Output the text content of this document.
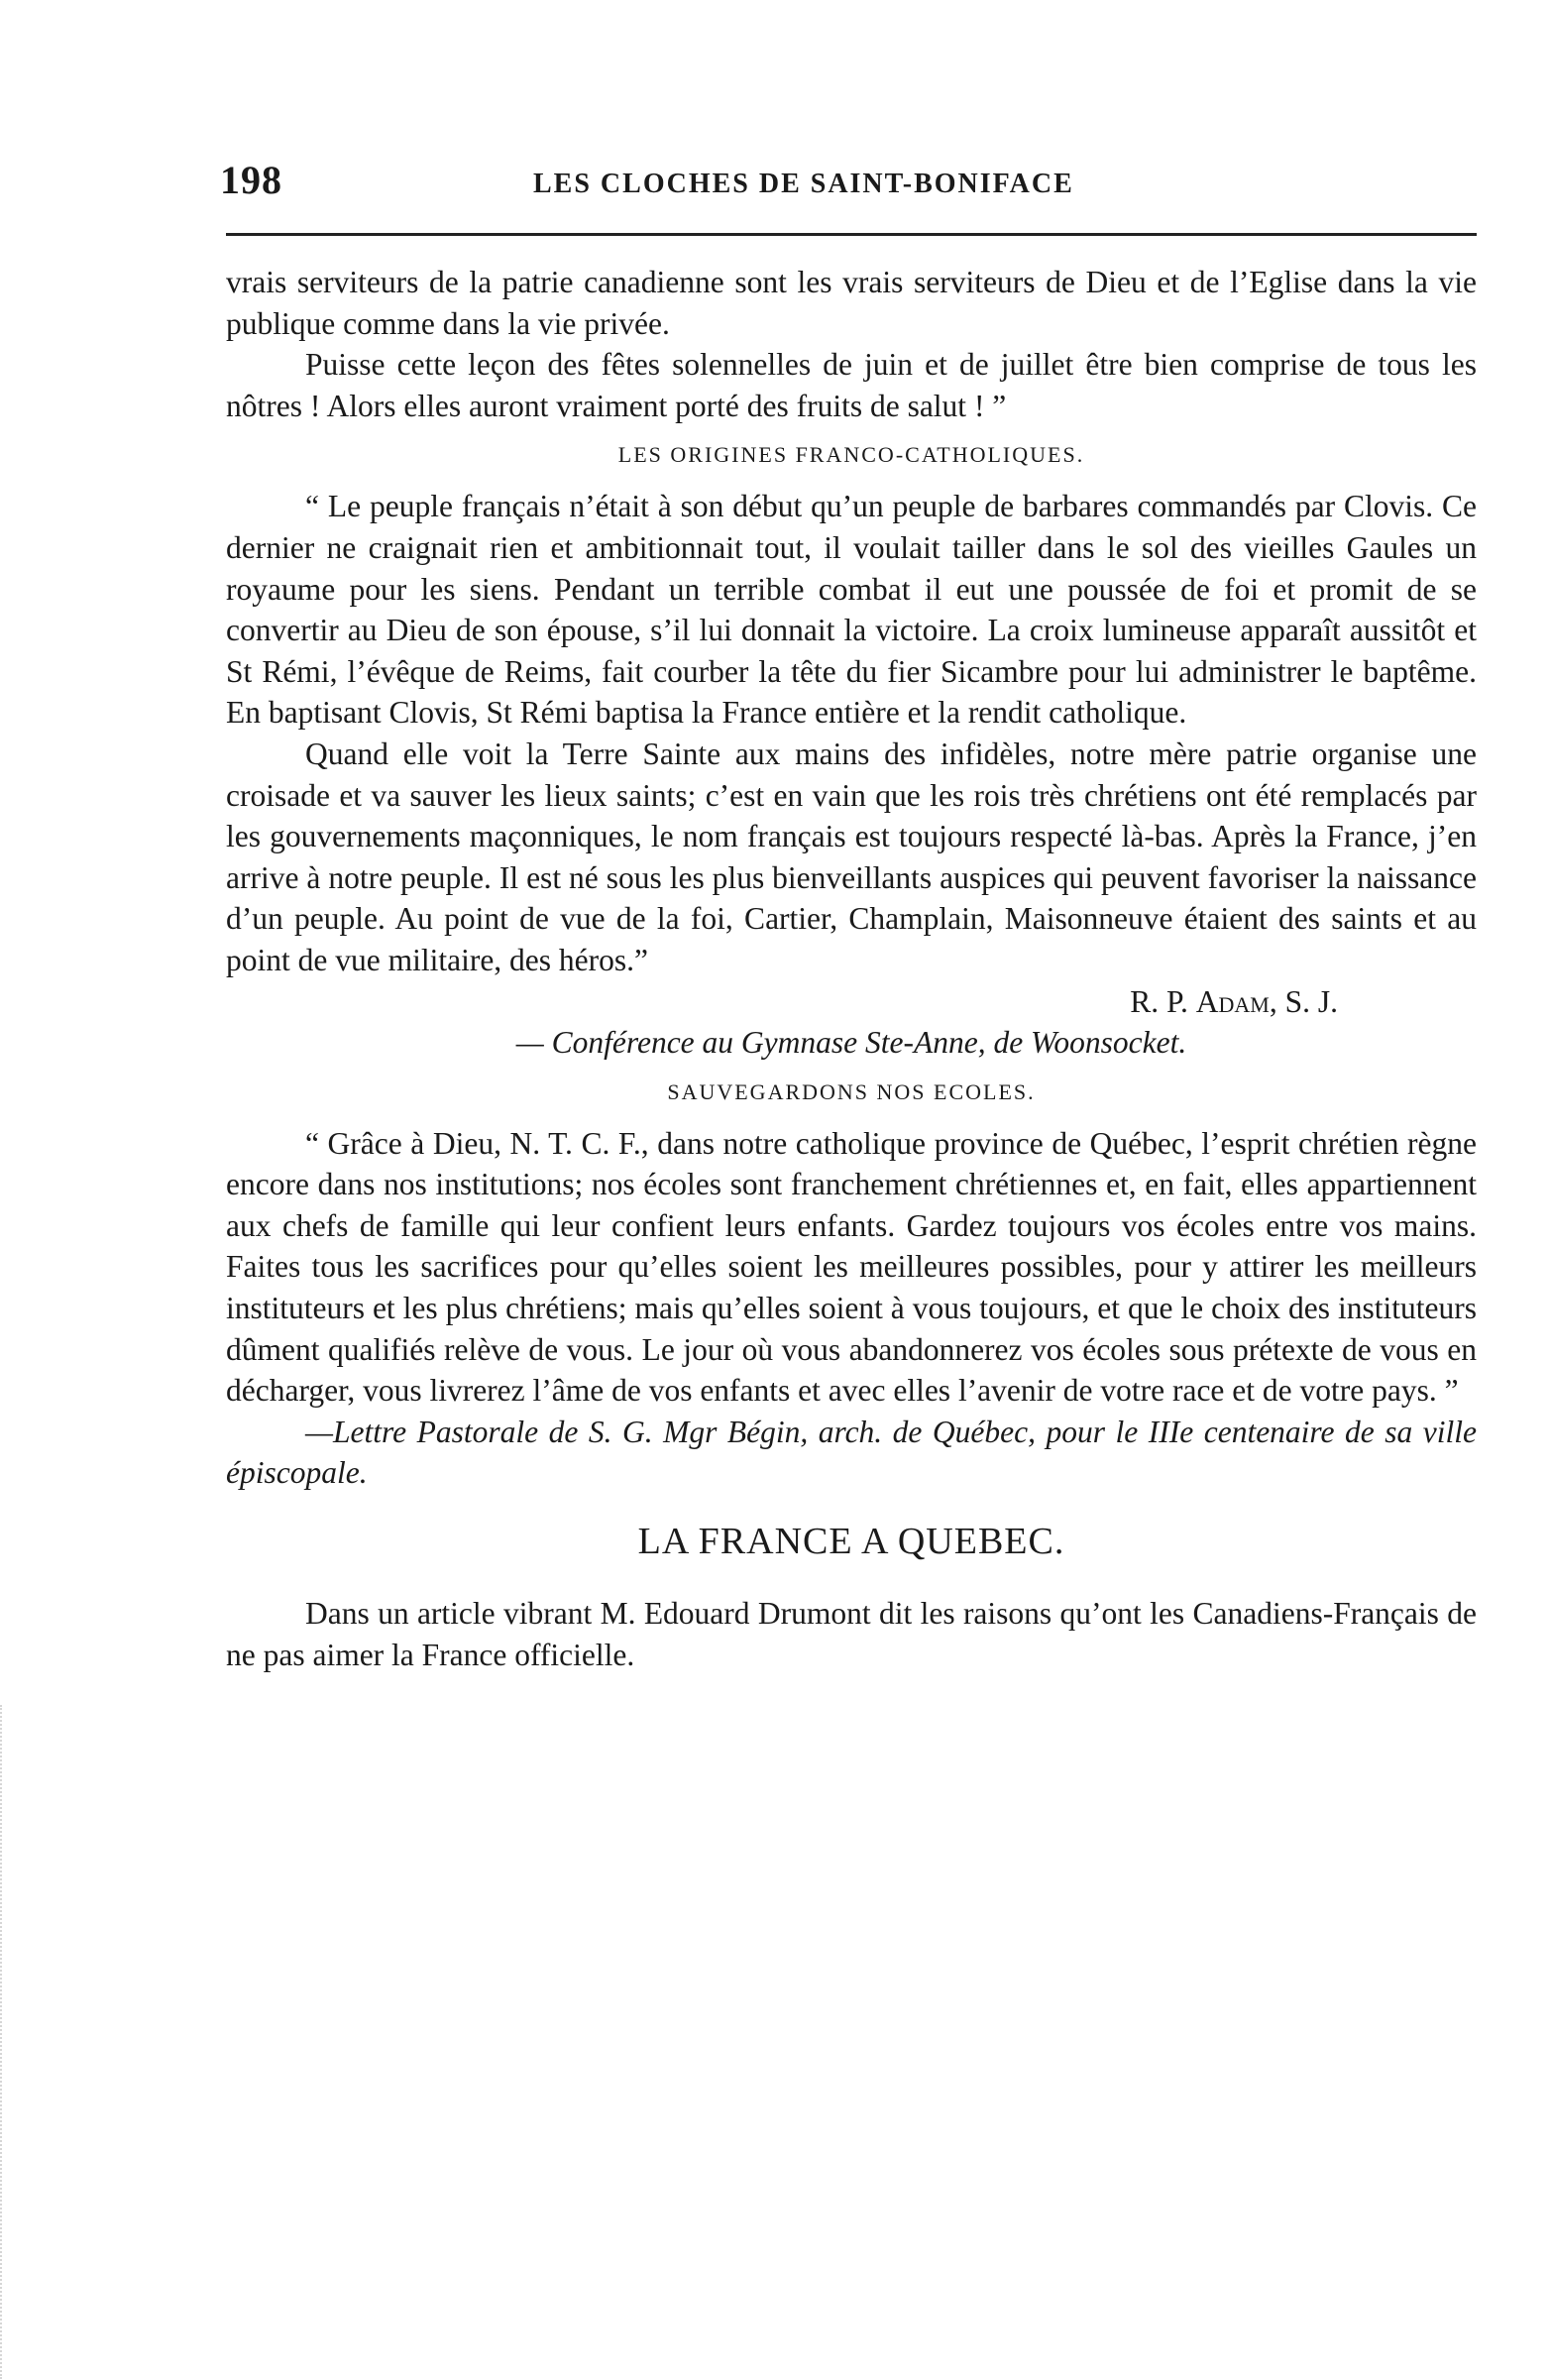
198	LES CLOCHES DE SAINT-BONIFACE

vrais serviteurs de la patrie canadienne sont les vrais serviteurs de Dieu et de l’Eglise dans la vie publique comme dans la vie privée.

Puisse cette leçon des fêtes solennelles de juin et de juillet être bien comprise de tous les nôtres ! Alors elles auront vraiment porté des fruits de salut ! ”

LES ORIGINES FRANCO-CATHOLIQUES.

“ Le peuple français n’était à son début qu’un peuple de barbares commandés par Clovis. Ce dernier ne craignait rien et ambitionnait tout, il voulait tailler dans le sol des vieilles Gaules un royaume pour les siens. Pendant un terrible combat il eut une poussée de foi et promit de se convertir au Dieu de son épouse, s’il lui donnait la victoire. La croix lumineuse apparaît aussitôt et St Rémi, l’évêque de Reims, fait courber la tête du fier Sicambre pour lui administrer le baptême. En baptisant Clovis, St Rémi baptisa la France entière et la rendit catholique.

Quand elle voit la Terre Sainte aux mains des infidèles, notre mère patrie organise une croisade et va sauver les lieux saints; c’est en vain que les rois très chrétiens ont été remplacés par les gouvernements maçonniques, le nom français est toujours respecté là-bas. Après la France, j’en arrive à notre peuple. Il est né sous les plus bienveillants auspices qui peuvent favoriser la naissance d’un peuple. Au point de vue de la foi, Cartier, Champlain, Maisonneuve étaient des saints et au point de vue militaire, des héros.”

R. P. Adam, S. J.

— Conférence au Gymnase Ste-Anne, de Woonsocket.

SAUVEGARDONS NOS ECOLES.

“ Grâce à Dieu, N. T. C. F., dans notre catholique province de Québec, l’esprit chrétien règne encore dans nos institutions; nos écoles sont franchement chrétiennes et, en fait, elles appartiennent aux chefs de famille qui leur confient leurs enfants. Gardez toujours vos écoles entre vos mains. Faites tous les sacrifices pour qu’elles soient les meilleures possibles, pour y attirer les meilleurs instituteurs et les plus chrétiens; mais qu’elles soient à vous toujours, et que le choix des instituteurs dûment qualifiés relève de vous. Le jour où vous abandonnerez vos écoles sous prétexte de vous en décharger, vous livrerez l’âme de vos enfants et avec elles l’avenir de votre race et de votre pays. ”

—Lettre Pastorale de S. G. Mgr Bégin, arch. de Québec, pour le IIIe centenaire de sa ville épiscopale.

LA FRANCE A QUEBEC.

Dans un article vibrant M. Edouard Drumont dit les raisons qu’ont les Canadiens-Français de ne pas aimer la France officielle.
